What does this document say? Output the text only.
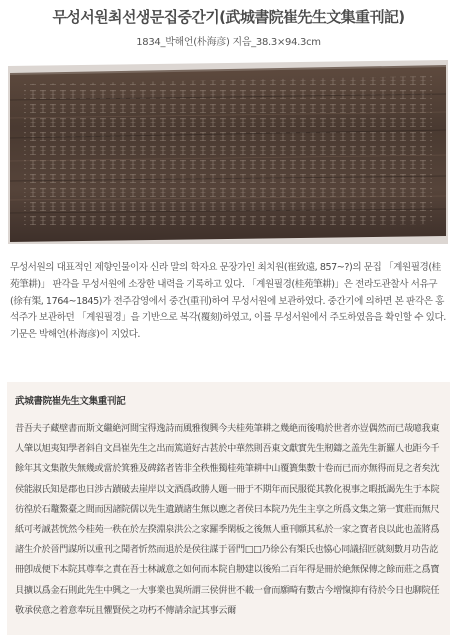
무성서원최선생문집중간기(武城書院崔先生文集重刊記)
1834_박해언(朴海彦) 지음_38.3×94.3cm
무성서원의 대표적인 제향인물이자 신라 말의 학자요 문장가인 최치원(崔致遠, 857~?)의 문집 「계원필경(桂苑筆耕)」 판각을 무성서원에 소장한 내력을 기록하고 있다. 「계원필경(桂苑筆耕)」은 전라도관찰사 서유구(徐有榘, 1764~1845)가 전주감영에서 중간(重刊)하여 무성서원에 보관하였다. 중간기에 의하면 본 판각은 홍석주가 보관하던 「계원필경」을 기반으로 복각(覆刻)하였고, 이를 무성서원에서 주도하였음을 확인할 수 있다. 기문은 박해언(朴海彦)이 지었다.
武城書院崔先生文集重刊記
昔吾夫子藏壁書而斯文繼絶河間宝得逸詩而風雅復興今夫桂苑筆耕之幾絶而後鳴於世者亦豈偶然而已哉噫我東人肇以旭夷知學者斜自文昌崔先生之出而篤道好古甚於中華然則吾東文獻實先生剏鑄之盖先生新羅人也距今千餘年其文集散失無幾或當於箕雅及碑銘者皆非全秩惟獨桂苑筆耕中山覆簣集數十卷而已而亦無得而見之者矣沈侯能淑氏知是郡也日涉古蹟破去崖岸以文酒爲政勝人題一冊于不期年而民服從其教化視事之暇抵謁先生于本院彷徨於石鼇鰲臺之間而因諸院儒以先生遺蹟諸生無以應之者侯曰本院乃先生主享之所爲文集之第一實莊而無尺紙可考誠甚恍然今桂苑一秩在於左揆淵泉洪公之家羅季閑板之後無人重刊願其私於一家之寶者良以此也盖將爲諸生介於晉門謀所以重刊之聞者忻然而退於是侯往謀于晉門□□乃徐公有榘氏也恊心同議招匠就刻數月功告訖冊卽成便下本院其尊奉之責在吾士林誠意之如何而本院自刱建以後殆二百年得是冊於絶無保傳之餘而莊之爲寶貝擴以爲金石則此先生中興之一大事業也異所謂三侯倂世不載一會而願畸有數古今增愾抑有待於今日也聊院任敬承侯意之着意奉玩且懼賢侯之功朽不傳請余記其事云爾
